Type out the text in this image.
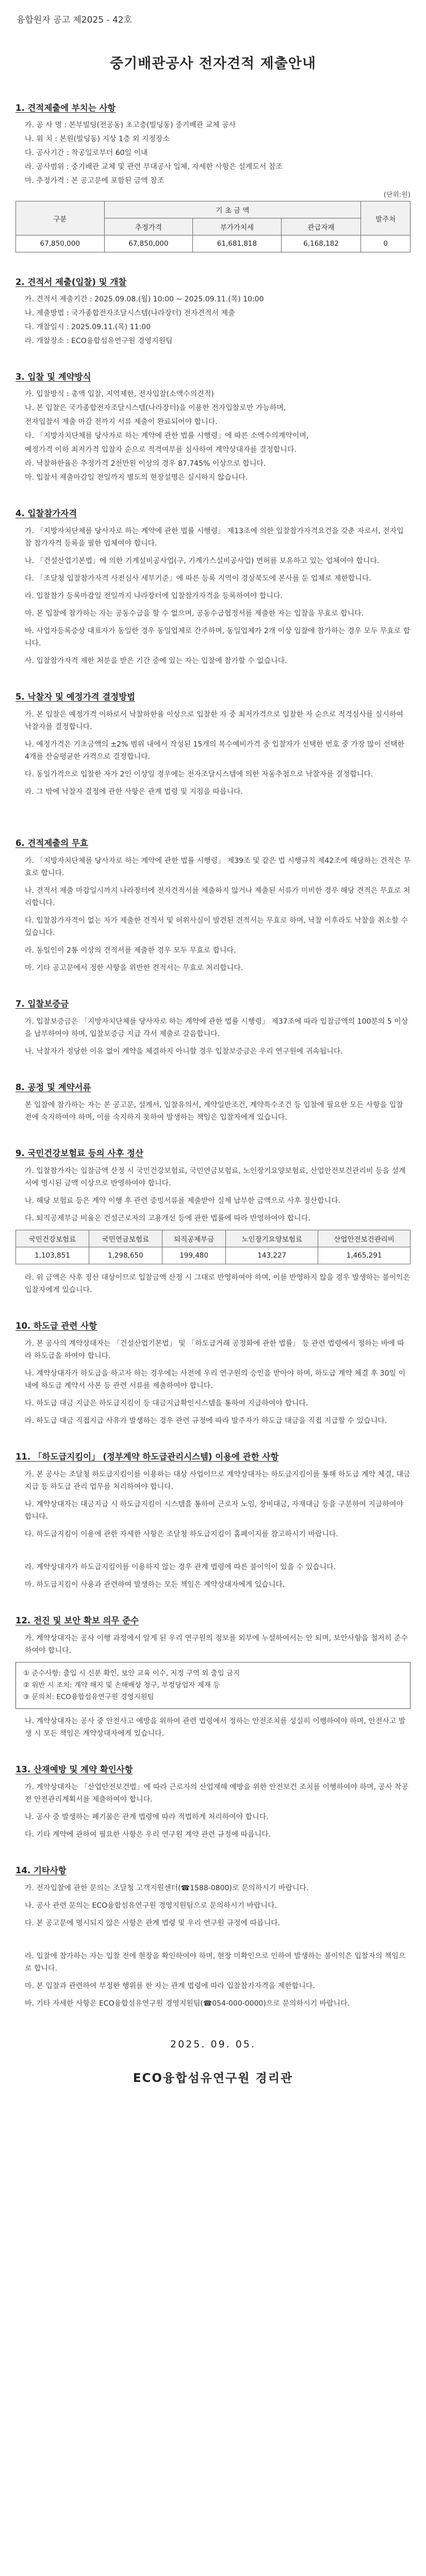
융합원자 공고 제2025 - 42호
중기배관공사 전자견적 제출안내
1. 견적제출에 부치는 사항
가. 공 사 명 : 본부빌딩(전공동) 초고층(빌딩동) 중기배관 교체 공사
나. 위 치 : 본원(빌딩동) 지상 1층 외 지정장소
다. 공사기간 : 착공일로부터 60일 이내
라. 공사범위 : 중기배관 교체 및 관련 부대공사 일체, 자세한 사항은 설계도서 참조
마. 추정가격 : 본 공고문에 포함된 금액 참조
(단위:원)
구분	기 초 금 액			발주처
	추정가격	부가가치세	관급자재	
67,850,000	67,850,000	61,681,818	6,168,182	0
2. 견적서 제출(입찰) 및 개찰
가. 견적서 제출기간 : 2025.09.08.(월) 10:00 ~ 2025.09.11.(목) 10:00
나. 제출방법 : 국가종합전자조달시스템(나라장터) 전자견적서 제출
다. 개찰일시 : 2025.09.11.(목) 11:00
라. 개찰장소 : ECO융합섬유연구원 경영지원팀
3. 입찰 및 계약방식
가. 입찰방식 : 총액 입찰, 지역제한, 전자입찰(소액수의견적)
나. 본 입찰은 국가종합전자조달시스템(나라장터)을 이용한 전자입찰로만 가능하며,
전자입찰서 제출 마감 전까지 서류 제출이 완료되어야 합니다.
다. 「지방자치단체를 당사자로 하는 계약에 관한 법률 시행령」에 따른 소액수의계약이며,
예정가격 이하 최저가격 입찰자 순으로 적격여부를 심사하여 계약상대자를 결정합니다.
라. 낙찰하한율은 추정가격 2천만원 이상의 경우 87.745% 이상으로 합니다.
마. 입찰서 제출마감일 전일까지 별도의 현장설명은 실시하지 않습니다.
4. 입찰참가자격
가. 「지방자치단체를 당사자로 하는 계약에 관한 법률 시행령」 제13조에 의한 입찰참가자격요건을 갖춘 자로서, 전자입찰 참가자격 등록을 필한 업체여야 합니다.
나. 「건설산업기본법」에 의한 기계설비공사업(구, 기계가스설비공사업) 면허를 보유하고 있는 업체여야 합니다.
다. 「조달청 입찰참가자격 사전심사 세부기준」에 따른 등록 지역이 경상북도에 본사를 둔 업체로 제한합니다.
라. 입찰참가 등록마감일 전일까지 나라장터에 입찰참가자격을 등록하여야 합니다.
마. 본 입찰에 참가하는 자는 공동수급을 할 수 없으며, 공동수급협정서를 제출한 자는 입찰을 무효로 합니다.
바. 사업자등록증상 대표자가 동일한 경우 동일업체로 간주하며, 동일업체가 2개 이상 입찰에 참가하는 경우 모두 무효로 합니다.
사. 입찰참가자격 제한 처분을 받은 기간 중에 있는 자는 입찰에 참가할 수 없습니다.
5. 낙찰자 및 예정가격 결정방법
가. 본 입찰은 예정가격 이하로서 낙찰하한율 이상으로 입찰한 자 중 최저가격으로 입찰한 자 순으로 적격심사를 실시하여 낙찰자를 결정합니다.
나. 예정가격은 기초금액의 ±2% 범위 내에서 작성된 15개의 복수예비가격 중 입찰자가 선택한 번호 중 가장 많이 선택한 4개를 산술평균한 가격으로 결정합니다.
다. 동일가격으로 입찰한 자가 2인 이상일 경우에는 전자조달시스템에 의한 자동추첨으로 낙찰자를 결정합니다.
라. 그 밖에 낙찰자 결정에 관한 사항은 관계 법령 및 지침을 따릅니다.
6. 견적제출의 무효
가. 「지방자치단체를 당사자로 하는 계약에 관한 법률 시행령」 제39조 및 같은 법 시행규칙 제42조에 해당하는 견적은 무효로 합니다.
나. 견적서 제출 마감일시까지 나라장터에 전자견적서를 제출하지 않거나 제출된 서류가 미비한 경우 해당 견적은 무효로 처리합니다.
다. 입찰참가자격이 없는 자가 제출한 견적서 및 허위사실이 발견된 견적서는 무효로 하며, 낙찰 이후라도 낙찰을 취소할 수 있습니다.
라. 동일인이 2통 이상의 견적서를 제출한 경우 모두 무효로 합니다.
마. 기타 공고문에서 정한 사항을 위반한 견적서는 무효로 처리합니다.
7. 입찰보증금
가. 입찰보증금은 「지방자치단체를 당사자로 하는 계약에 관한 법률 시행령」 제37조에 따라 입찰금액의 100분의 5 이상을 납부하여야 하며, 입찰보증금 지급 각서 제출로 갈음합니다.
나. 낙찰자가 정당한 이유 없이 계약을 체결하지 아니할 경우 입찰보증금은 우리 연구원에 귀속됩니다.
8. 공정 및 계약서류
본 입찰에 참가하는 자는 본 공고문, 설계서, 입찰유의서, 계약일반조건, 계약특수조건 등 입찰에 필요한 모든 사항을 입찰 전에 숙지하여야 하며, 이를 숙지하지 못하여 발생하는 책임은 입찰자에게 있습니다.
9. 국민건강보험료 등의 사후 정산
가. 입찰참가자는 입찰금액 산정 시 국민건강보험료, 국민연금보험료, 노인장기요양보험료, 산업안전보건관리비 등을 설계서에 명시된 금액 이상으로 반영하여야 합니다.
나. 해당 보험료 등은 계약 이행 후 관련 증빙서류를 제출받아 실제 납부한 금액으로 사후 정산합니다.
다. 퇴직공제부금 비율은 건설근로자의 고용개선 등에 관한 법률에 따라 반영하여야 합니다.
국민건강보험료	국민연금보험료	퇴직공제부금	노인장기요양보험료	산업안전보건관리비
1,103,851	1,298,650	199,480	143,227	1,465,291
라. 위 금액은 사후 정산 대상이므로 입찰금액 산정 시 그대로 반영하여야 하며, 이를 반영하지 않을 경우 발생하는 불이익은 입찰자에게 있습니다.
10. 하도급 관련 사항
가. 본 공사의 계약상대자는 「건설산업기본법」 및 「하도급거래 공정화에 관한 법률」 등 관련 법령에서 정하는 바에 따라 하도급을 하여야 합니다.
나. 계약상대자가 하도급을 하고자 하는 경우에는 사전에 우리 연구원의 승인을 받아야 하며, 하도급 계약 체결 후 30일 이내에 하도급 계약서 사본 등 관련 서류를 제출하여야 합니다.
다. 하도급 대금 지급은 하도급지킴이 등 대금지급확인시스템을 통하여 지급하여야 합니다.
라. 하도급 대금 직접지급 사유가 발생하는 경우 관련 규정에 따라 발주자가 하도급 대금을 직접 지급할 수 있습니다.
11. 「하도급지킴이」 (정부계약 하도급관리시스템) 이용에 관한 사항
가. 본 공사는 조달청 하도급지킴이를 이용하는 대상 사업이므로 계약상대자는 하도급지킴이를 통해 하도급 계약 체결, 대금 지급 등 하도급 관리 업무를 처리하여야 합니다.
나. 계약상대자는 대금지급 시 하도급지킴이 시스템을 통하여 근로자 노임, 장비대금, 자재대금 등을 구분하여 지급하여야 합니다.
다. 하도급지킴이 이용에 관한 자세한 사항은 조달청 하도급지킴이 홈페이지를 참고하시기 바랍니다.
라. 계약상대자가 하도급지킴이를 이용하지 않는 경우 관계 법령에 따른 불이익이 있을 수 있습니다.
마. 하도급지킴이 사용과 관련하여 발생하는 모든 책임은 계약상대자에게 있습니다.
12. 전진 및 보안 확보 의무 준수
가. 계약상대자는 공사 이행 과정에서 알게 된 우리 연구원의 정보를 외부에 누설하여서는 안 되며, 보안사항을 철저히 준수하여야 합니다.
① 준수사항: 출입 시 신분 확인, 보안 교육 이수, 지정 구역 외 출입 금지
② 위반 시 조치: 계약 해지 및 손해배상 청구, 부정당업자 제재 등
③ 문의처: ECO융합섬유연구원 경영지원팀
나. 계약상대자는 공사 중 안전사고 예방을 위하여 관련 법령에서 정하는 안전조치를 성실히 이행하여야 하며, 안전사고 발생 시 모든 책임은 계약상대자에게 있습니다.
13. 산재예방 및 계약 확인사항
가. 계약상대자는 「산업안전보건법」에 따라 근로자의 산업재해 예방을 위한 안전보건 조치를 이행하여야 하며, 공사 착공 전 안전관리계획서를 제출하여야 합니다.
나. 공사 중 발생하는 폐기물은 관계 법령에 따라 적법하게 처리하여야 합니다.
다. 기타 계약에 관하여 필요한 사항은 우리 연구원 계약 관련 규정에 따릅니다.
14. 기타사항
가. 전자입찰에 관한 문의는 조달청 고객지원센터(☎1588-0800)로 문의하시기 바랍니다.
나. 공사 관련 문의는 ECO융합섬유연구원 경영지원팀으로 문의하시기 바랍니다.
다. 본 공고문에 명시되지 않은 사항은 관계 법령 및 우리 연구원 규정에 따릅니다.
라. 입찰에 참가하는 자는 입찰 전에 현장을 확인하여야 하며, 현장 미확인으로 인하여 발생하는 불이익은 입찰자의 책임으로 합니다.
마. 본 입찰과 관련하여 부정한 행위를 한 자는 관계 법령에 따라 입찰참가자격을 제한합니다.
바. 기타 자세한 사항은 ECO융합섬유연구원 경영지원팀(☎054-000-0000)으로 문의하시기 바랍니다.
2025. 09. 05.
ECO융합섬유연구원 경리관
